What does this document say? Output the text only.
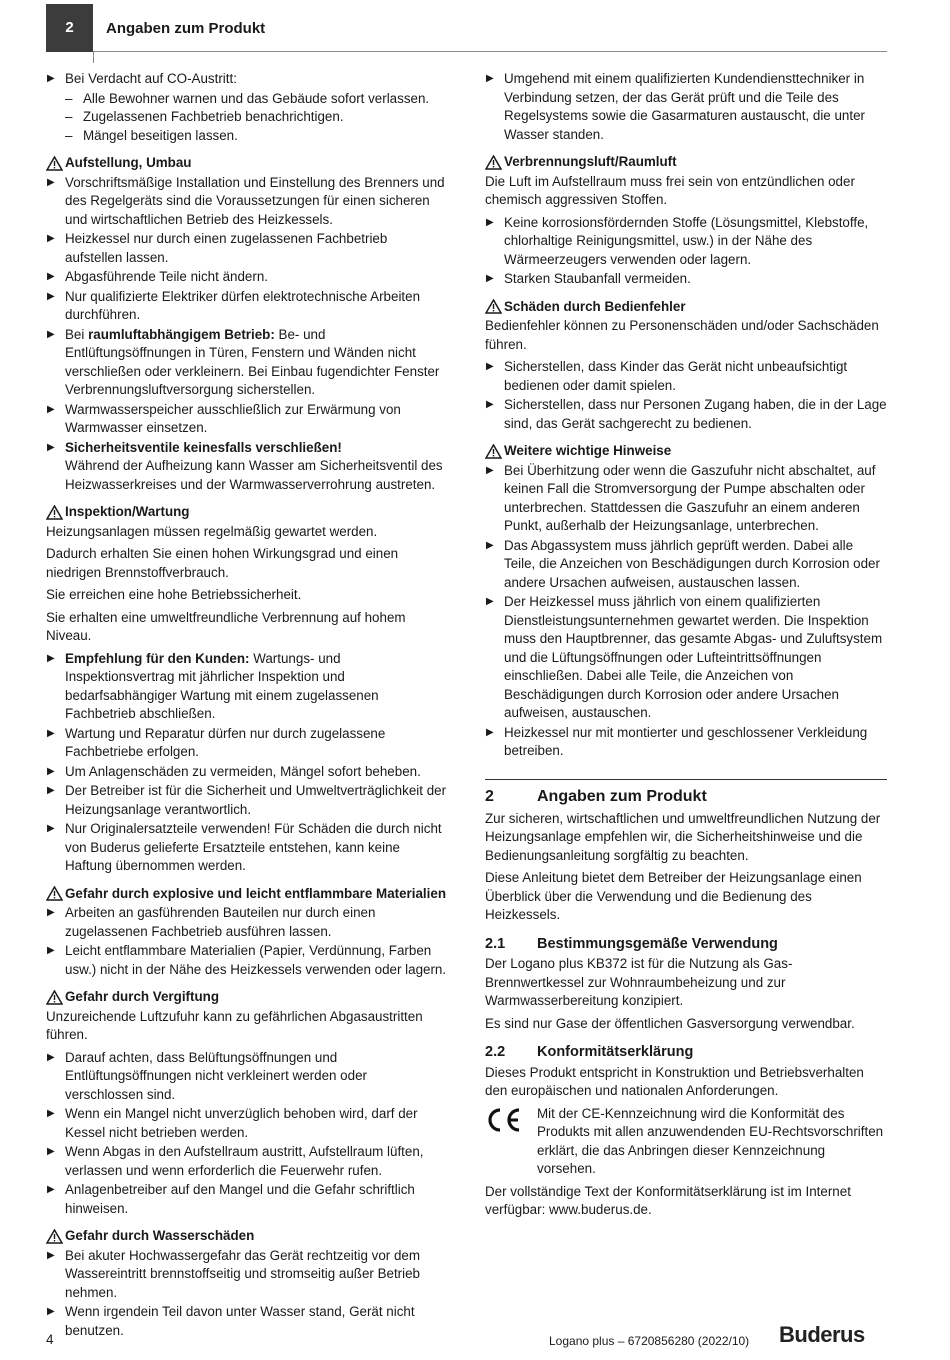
2	Angaben zum Produkt
▶ Bei Verdacht auf CO-Austritt:
– Alle Bewohner warnen und das Gebäude sofort verlassen.
– Zugelassenen Fachbetrieb benachrichtigen.
– Mängel beseitigen lassen.
Aufstellung, Umbau
▶ Vorschriftsmäßige Installation und Einstellung des Brenners und des Regelgeräts sind die Voraussetzungen für einen sicheren und wirtschaftlichen Betrieb des Heizkessels.
▶ Heizkessel nur durch einen zugelassenen Fachbetrieb aufstellen lassen.
▶ Abgasführende Teile nicht ändern.
▶ Nur qualifizierte Elektriker dürfen elektrotechnische Arbeiten durchführen.
▶ Bei raumluftabhängigem Betrieb: Be- und Entlüftungsöffnungen in Türen, Fenstern und Wänden nicht verschließen oder verkleinern. Bei Einbau fugendichter Fenster Verbrennungsluftversorgung sicherstellen.
▶ Warmwasserspeicher ausschließlich zur Erwärmung von Warmwasser einsetzen.
▶ Sicherheitsventile keinesfalls verschließen!
Während der Aufheizung kann Wasser am Sicherheitsventil des Heizwasserkreises und der Warmwasserverrohrung austreten.
Inspektion/Wartung
Heizungsanlagen müssen regelmäßig gewartet werden.
Dadurch erhalten Sie einen hohen Wirkungsgrad und einen niedrigen Brennstoffverbrauch.
Sie erreichen eine hohe Betriebssicherheit.
Sie erhalten eine umweltfreundliche Verbrennung auf hohem Niveau.
▶ Empfehlung für den Kunden: Wartungs- und Inspektionsvertrag mit jährlicher Inspektion und bedarfsabhängiger Wartung mit einem zugelassenen Fachbetrieb abschließen.
▶ Wartung und Reparatur dürfen nur durch zugelassene Fachbetriebe erfolgen.
▶ Um Anlagenschäden zu vermeiden, Mängel sofort beheben.
▶ Der Betreiber ist für die Sicherheit und Umweltverträglichkeit der Heizungsanlage verantwortlich.
▶ Nur Originalersatzteile verwenden! Für Schäden die durch nicht von Buderus gelieferte Ersatzteile entstehen, kann keine Haftung übernommen werden.
Gefahr durch explosive und leicht entflammbare Materialien
▶ Arbeiten an gasführenden Bauteilen nur durch einen zugelassenen Fachbetrieb ausführen lassen.
▶ Leicht entflammbare Materialien (Papier, Verdünnung, Farben usw.) nicht in der Nähe des Heizkessels verwenden oder lagern.
Gefahr durch Vergiftung
Unzureichende Luftzufuhr kann zu gefährlichen Abgasaustritten führen.
▶ Darauf achten, dass Belüftungsöffnungen und Entlüftungsöffnungen nicht verkleinert werden oder verschlossen sind.
▶ Wenn ein Mangel nicht unverzüglich behoben wird, darf der Kessel nicht betrieben werden.
▶ Wenn Abgas in den Aufstellraum austritt, Aufstellraum lüften, verlassen und wenn erforderlich die Feuerwehr rufen.
▶ Anlagenbetreiber auf den Mangel und die Gefahr schriftlich hinweisen.
Gefahr durch Wasserschäden
▶ Bei akuter Hochwassergefahr das Gerät rechtzeitig vor dem Wassereintritt brennstoffseitig und stromseitig außer Betrieb nehmen.
▶ Wenn irgendein Teil davon unter Wasser stand, Gerät nicht benutzen.
▶ Umgehend mit einem qualifizierten Kundendiensttechniker in Verbindung setzen, der das Gerät prüft und die Teile des Regelsystems sowie die Gasarmaturen austauscht, die unter Wasser standen.
Verbrennungsluft/Raumluft
Die Luft im Aufstellraum muss frei sein von entzündlichen oder chemisch aggressiven Stoffen.
▶ Keine korrosionsfördernden Stoffe (Lösungsmittel, Klebstoffe, chlorhaltige Reinigungsmittel, usw.) in der Nähe des Wärmeerzeugers verwenden oder lagern.
▶ Starken Staubanfall vermeiden.
Schäden durch Bedienfehler
Bedienfehler können zu Personenschäden und/oder Sachschäden führen.
▶ Sicherstellen, dass Kinder das Gerät nicht unbeaufsichtigt bedienen oder damit spielen.
▶ Sicherstellen, dass nur Personen Zugang haben, die in der Lage sind, das Gerät sachgerecht zu bedienen.
Weitere wichtige Hinweise
▶ Bei Überhitzung oder wenn die Gaszufuhr nicht abschaltet, auf keinen Fall die Stromversorgung der Pumpe abschalten oder unterbrechen. Stattdessen die Gaszufuhr an einem anderen Punkt, außerhalb der Heizungsanlage, unterbrechen.
▶ Das Abgassystem muss jährlich geprüft werden. Dabei alle Teile, die Anzeichen von Beschädigungen durch Korrosion oder andere Ursachen aufweisen, austauschen lassen.
▶ Der Heizkessel muss jährlich von einem qualifizierten Dienstleistungsunternehmen gewartet werden. Die Inspektion muss den Hauptbrenner, das gesamte Abgas- und Zuluftsystem und die Lüftungsöffnungen oder Lufteintrittsöffnungen einschließen. Dabei alle Teile, die Anzeichen von Beschädigungen durch Korrosion oder andere Ursachen aufweisen, austauschen.
▶ Heizkessel nur mit montierter und geschlossener Verkleidung betreiben.
2	Angaben zum Produkt
Zur sicheren, wirtschaftlichen und umweltfreundlichen Nutzung der Heizungsanlage empfehlen wir, die Sicherheitshinweise und die Bedienungsanleitung sorgfältig zu beachten.
Diese Anleitung bietet dem Betreiber der Heizungsanlage einen Überblick über die Verwendung und die Bedienung des Heizkessels.
2.1	Bestimmungsgemäße Verwendung
Der Logano plus KB372 ist für die Nutzung als Gas-Brennwertkessel zur Wohnraumbeheizung und zur Warmwasserbereitung konzipiert.
Es sind nur Gase der öffentlichen Gasversorgung verwendbar.
2.2	Konformitätserklärung
Dieses Produkt entspricht in Konstruktion und Betriebsverhalten den europäischen und nationalen Anforderungen.
Mit der CE-Kennzeichnung wird die Konformität des Produkts mit allen anzuwendenden EU-Rechtsvorschriften erklärt, die das Anbringen dieser Kennzeichnung vorsehen.
Der vollständige Text der Konformitätserklärung ist im Internet verfügbar: www.buderus.de.
4	Logano plus – 6720856280 (2022/10) Buderus
